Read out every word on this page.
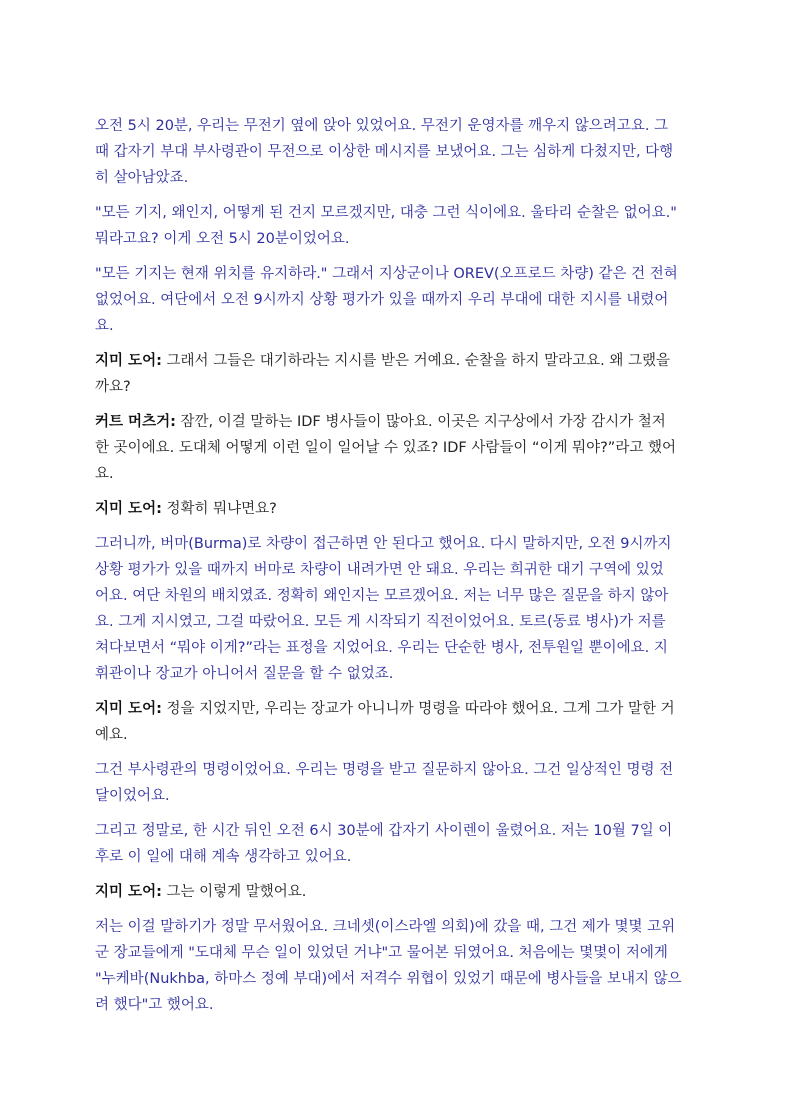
오전 5시 20분, 우리는 무전기 옆에 앉아 있었어요. 무전기 운영자를 깨우지 않으려고요. 그
때 갑자기 부대 부사령관이 무전으로 이상한 메시지를 보냈어요. 그는 심하게 다쳤지만, 다행
히 살아남았죠.

"모든 기지, 왜인지, 어떻게 된 건지 모르겠지만, 대충 그런 식이에요. 울타리 순찰은 없어요."
뭐라고요? 이게 오전 5시 20분이었어요.

"모든 기지는 현재 위치를 유지하라." 그래서 지상군이나 OREV(오프로드 차량) 같은 건 전혀
없었어요. 여단에서 오전 9시까지 상황 평가가 있을 때까지 우리 부대에 대한 지시를 내렸어
요.

지미 도어: 그래서 그들은 대기하라는 지시를 받은 거예요. 순찰을 하지 말라고요. 왜 그랬을
까요?

커트 머츠거: 잠깐, 이걸 말하는 IDF 병사들이 많아요. 이곳은 지구상에서 가장 감시가 철저
한 곳이에요. 도대체 어떻게 이런 일이 일어날 수 있죠? IDF 사람들이 “이게 뭐야?”라고 했어
요.

지미 도어: 정확히 뭐냐면요?

그러니까, 버마(Burma)로 차량이 접근하면 안 된다고 했어요. 다시 말하지만, 오전 9시까지
상황 평가가 있을 때까지 버마로 차량이 내려가면 안 돼요. 우리는 희귀한 대기 구역에 있었
어요. 여단 차원의 배치였죠. 정확히 왜인지는 모르겠어요. 저는 너무 많은 질문을 하지 않아
요. 그게 지시였고, 그걸 따랐어요. 모든 게 시작되기 직전이었어요. 토르(동료 병사)가 저를
쳐다보면서 “뭐야 이게?”라는 표정을 지었어요. 우리는 단순한 병사, 전투원일 뿐이에요. 지
휘관이나 장교가 아니어서 질문을 할 수 없었죠.

지미 도어: 정을 지었지만, 우리는 장교가 아니니까 명령을 따라야 했어요. 그게 그가 말한 거
예요.

그건 부사령관의 명령이었어요. 우리는 명령을 받고 질문하지 않아요. 그건 일상적인 명령 전
달이었어요.

그리고 정말로, 한 시간 뒤인 오전 6시 30분에 갑자기 사이렌이 울렸어요. 저는 10월 7일 이
후로 이 일에 대해 계속 생각하고 있어요.

지미 도어: 그는 이렇게 말했어요.

저는 이걸 말하기가 정말 무서웠어요. 크네셋(이스라엘 의회)에 갔을 때, 그건 제가 몇몇 고위
군 장교들에게 "도대체 무슨 일이 있었던 거냐"고 물어본 뒤였어요. 처음에는 몇몇이 저에게
"누케바(Nukhba, 하마스 정예 부대)에서 저격수 위협이 있었기 때문에 병사들을 보내지 않으
려 했다"고 했어요.
